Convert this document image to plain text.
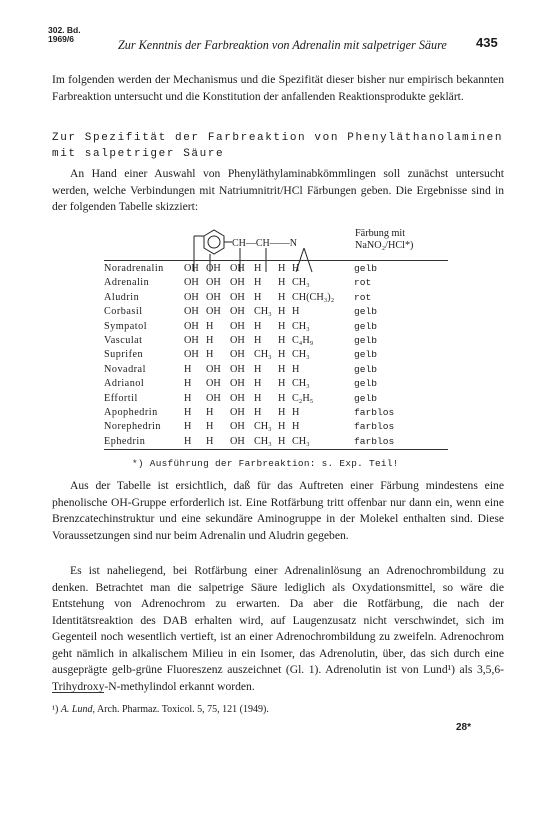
302. Bd.
1969/6	Zur Kenntnis der Farbreaktion von Adrenalin mit salpetriger Säure 435

Im folgenden werden der Mechanismus und die Spezifität dieser bisher nur empirisch bekannten Farbreaktion untersucht und die Konstitution der anfallenden Reaktionsprodukte geklärt.

Zur Spezifität der Farbreaktion von Phenyläthanolaminen mit salpetriger Säure

An Hand einer Auswahl von Phenyläthylaminabkömmlingen soll zunächst untersucht werden, welche Verbindungen mit Natriumnitrit/HCl Färbungen geben. Die Ergebnisse sind in der folgenden Tabelle skizziert:

CH—CH——N
Färbung mit
NaNO₂/HCl*)
Noradrenalin	OH	OH	OH	H	H	H	gelb
Adrenalin	OH	OH	OH	H	H	CH₃	rot
Aludrin	OH	OH	OH	H	H	CH(CH₃)₂	rot
Corbasil	OH	OH	OH	CH₃	H	H	gelb
Sympatol	OH	H	OH	H	H	CH₃	gelb
Vasculat	OH	H	OH	H	H	C₄H₉	gelb
Suprifen	OH	H	OH	CH₃	H	CH₃	gelb
Novadral	H	OH	OH	H	H	H	gelb
Adrianol	H	OH	OH	H	H	CH₃	gelb
Effortil	H	OH	OH	H	H	C₂H₅	gelb
Apophedrin	H	H	OH	H	H	H	farblos
Norephedrin	H	H	OH	CH₃	H	H	farblos
Ephedrin	H	H	OH	CH₃	H	CH₃	farblos
*) Ausführung der Farbreaktion: s. Exp. Teil!

Aus der Tabelle ist ersichtlich, daß für das Auftreten einer Färbung mindestens eine phenolische OH-Gruppe erforderlich ist. Eine Rotfärbung tritt offenbar nur dann ein, wenn eine Brenzcatechinstruktur und eine sekundäre Aminogruppe in der Molekel enthalten sind. Diese Voraussetzungen sind nur beim Adrenalin und Aludrin gegeben.

Es ist naheliegend, bei Rotfärbung einer Adrenalinlösung an Adrenochrombildung zu denken. Betrachtet man die salpetrige Säure lediglich als Oxydationsmittel, so wäre die Entstehung von Adrenochrom zu erwarten. Da aber die Rotfärbung, die nach der Identitätsreaktion des DAB erhalten wird, auf Laugenzusatz nicht verschwindet, sich im Gegenteil noch wesentlich vertieft, ist an einer Adrenochrombildung zu zweifeln. Adrenochrom geht nämlich in alkalischem Milieu in ein Isomer, das Adrenolutin, über, das sich durch eine ausgeprägte gelb-grüne Fluoreszenz auszeichnet (Gl. 1). Adrenolutin ist von Lund¹) als 3,5,6-Trihydroxy-N-methylindol erkannt worden.

¹) A. Lund, Arch. Pharmaz. Toxicol. 5, 75, 121 (1949).
28*
